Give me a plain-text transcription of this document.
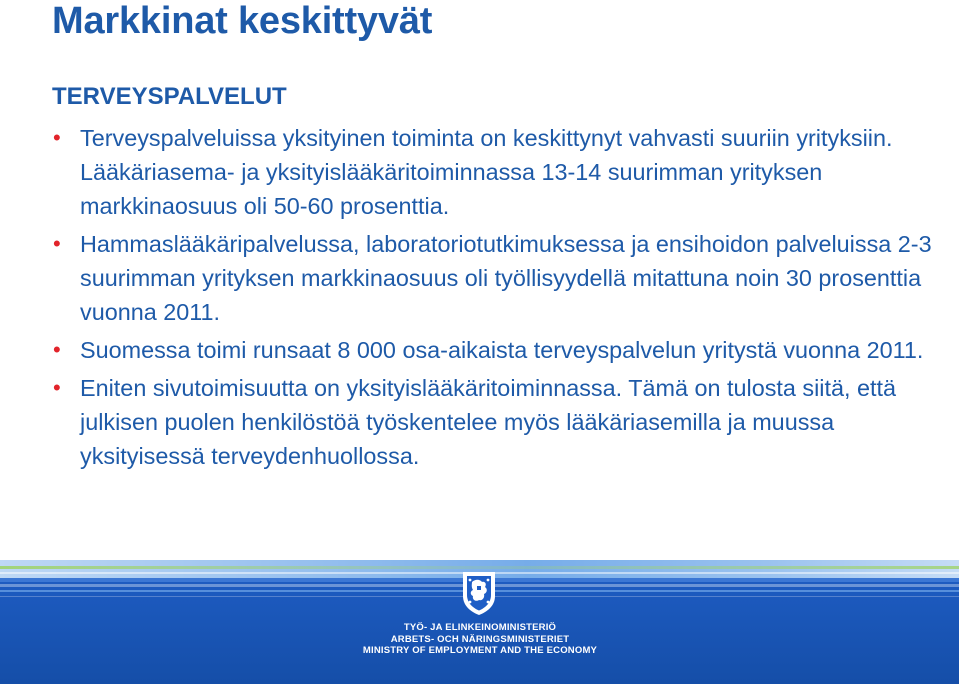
Markkinat keskittyvät
TERVEYSPALVELUT
• Terveyspalveluissa yksityinen toiminta on keskittynyt vahvasti suuriin yrityksiin. Lääkäriasema- ja yksityislääkäritoiminnassa 13-14 suurimman yrityksen markkinaosuus oli 50-60 prosenttia.
• Hammaslääkäripalvelussa, laboratoriotutkimuksessa ja ensihoidon palveluissa 2-3 suurimman yrityksen markkinaosuus oli työllisyydellä mitattuna noin 30 prosenttia vuonna 2011.
• Suomessa toimi runsaat 8 000 osa-aikaista terveyspalvelun yritystä vuonna 2011.
• Eniten sivutoimisuutta on yksityislääkäritoiminnassa. Tämä on tulosta siitä, että julkisen puolen henkilöstöä työskentelee myös lääkäriasemilla ja muussa yksityisessä terveydenhuollossa.
TYÖ- JA ELINKEINOMINISTERIÖ
ARBETS- OCH NÄRINGSMINISTERIET
MINISTRY OF EMPLOYMENT AND THE ECONOMY
